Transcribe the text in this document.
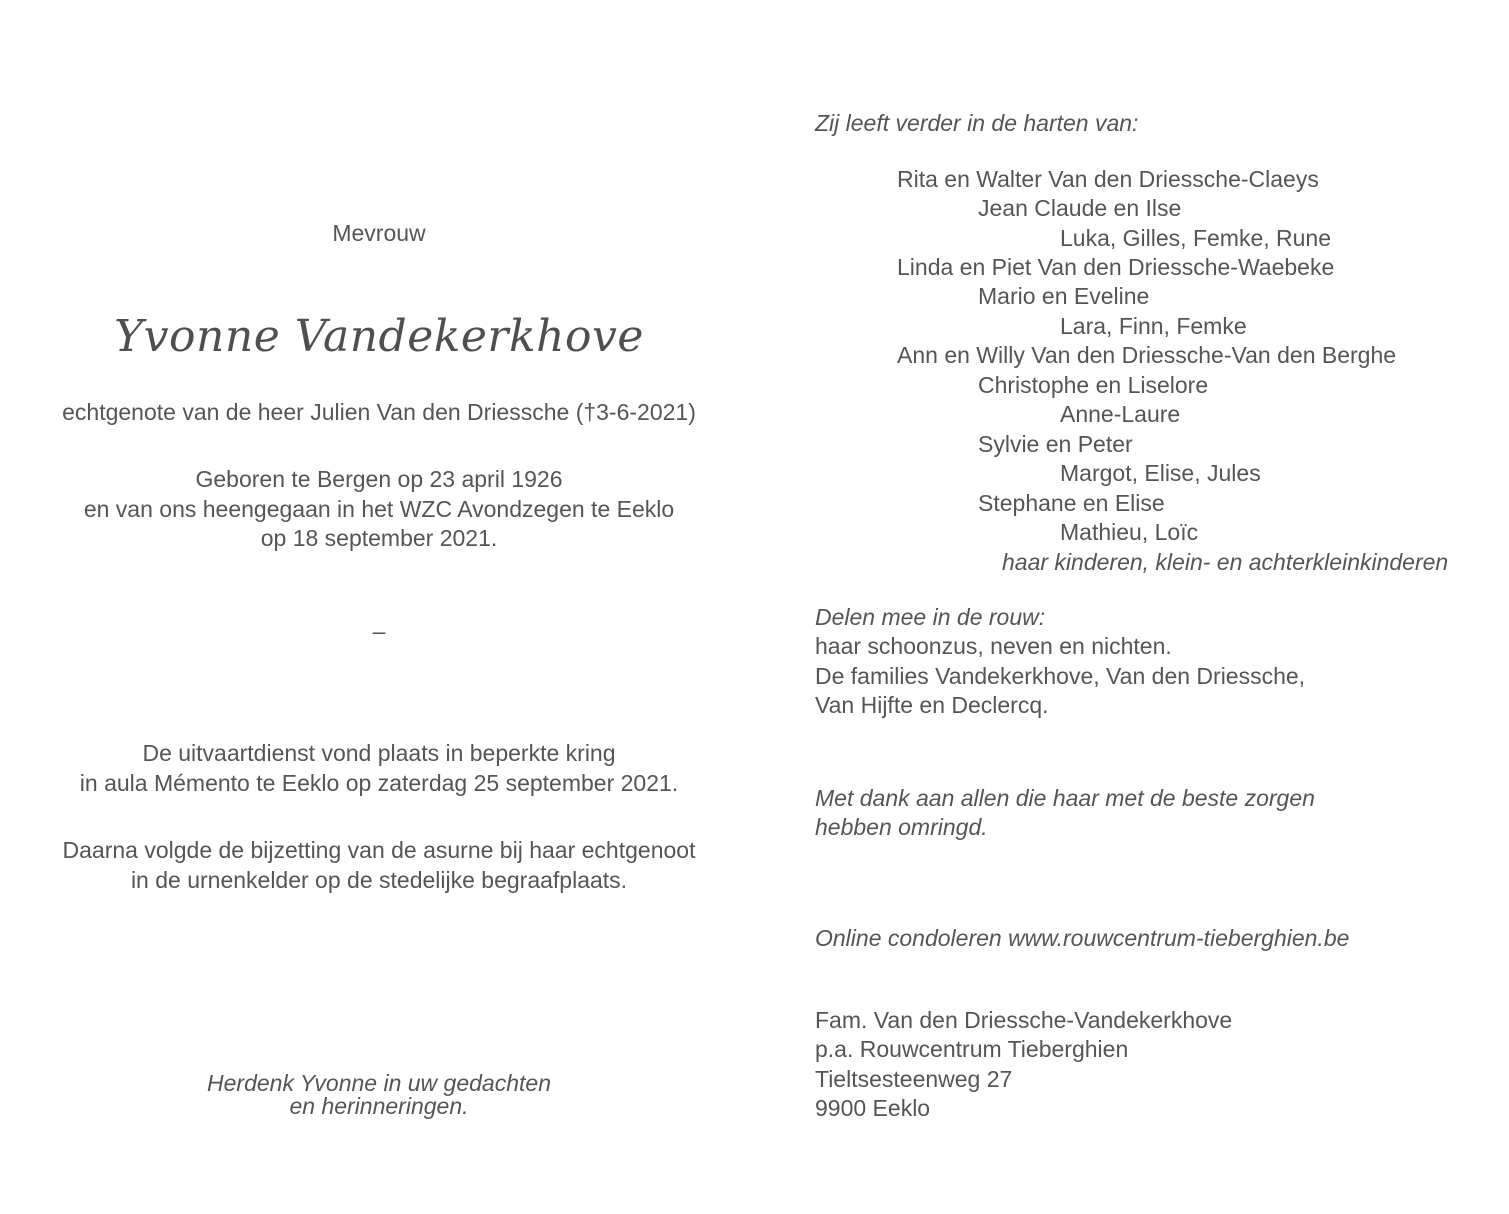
Mevrouw
Yvonne Vandekerkhove
echtgenote van de heer Julien Van den Driessche (†3-6-2021)
Geboren te Bergen op 23 april 1926
en van ons heengegaan in het WZC Avondzegen te Eeklo
op 18 september 2021.
–
De uitvaartdienst vond plaats in beperkte kring
in aula Mémento te Eeklo op zaterdag 25 september 2021.
Daarna volgde de bijzetting van de asurne bij haar echtgenoot
in de urnenkelder op de stedelijke begraafplaats.
Herdenk Yvonne in uw gedachten
en herinneringen.
Zij leeft verder in de harten van:
Rita en Walter Van den Driessche-Claeys
Jean Claude en Ilse
Luka, Gilles, Femke, Rune
Linda en Piet Van den Driessche-Waebeke
Mario en Eveline
Lara, Finn, Femke
Ann en Willy Van den Driessche-Van den Berghe
Christophe en Liselore
Anne-Laure
Sylvie en Peter
Margot, Elise, Jules
Stephane en Elise
Mathieu, Loïc
haar kinderen, klein- en achterkleinkinderen
Delen mee in de rouw:
haar schoonzus, neven en nichten.
De families Vandekerkhove, Van den Driessche,
Van Hijfte en Declercq.
Met dank aan allen die haar met de beste zorgen
hebben omringd.
Online condoleren www.rouwcentrum-tieberghien.be
Fam. Van den Driessche-Vandekerkhove
p.a. Rouwcentrum Tieberghien
Tieltsesteenweg 27
9900 Eeklo
